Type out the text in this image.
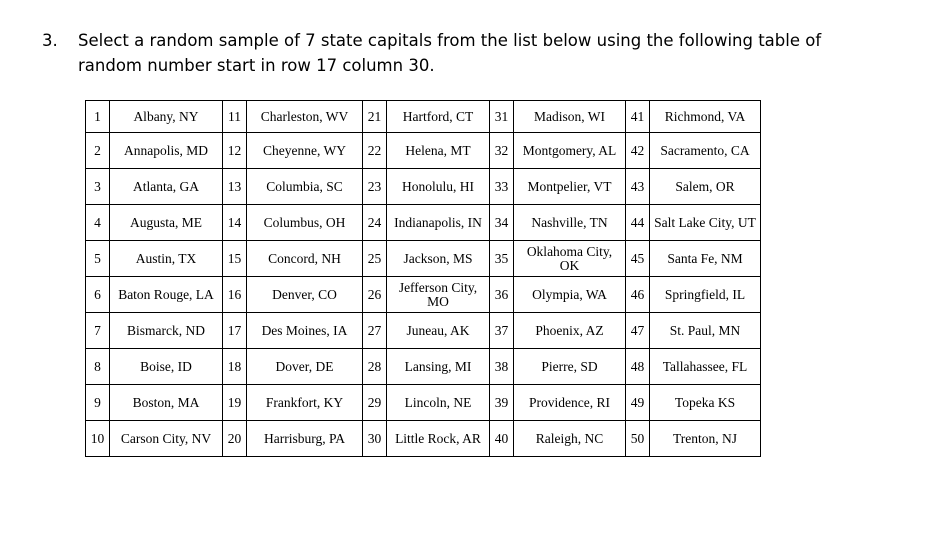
3. Select a random sample of 7 state capitals from the list below using the following table of random number start in row 17 column 30.
1	Albany, NY	11	Charleston, WV	21	Hartford, CT	31	Madison, WI	41	Richmond, VA
2	Annapolis, MD	12	Cheyenne, WY	22	Helena, MT	32	Montgomery, AL	42	Sacramento, CA
3	Atlanta, GA	13	Columbia, SC	23	Honolulu, HI	33	Montpelier, VT	43	Salem, OR
4	Augusta, ME	14	Columbus, OH	24	Indianapolis, IN	34	Nashville, TN	44	Salt Lake City, UT
5	Austin, TX	15	Concord, NH	25	Jackson, MS	35	Oklahoma City, OK	45	Santa Fe, NM
6	Baton Rouge, LA	16	Denver, CO	26	Jefferson City, MO	36	Olympia, WA	46	Springfield, IL
7	Bismarck, ND	17	Des Moines, IA	27	Juneau, AK	37	Phoenix, AZ	47	St. Paul, MN
8	Boise, ID	18	Dover, DE	28	Lansing, MI	38	Pierre, SD	48	Tallahassee, FL
9	Boston, MA	19	Frankfort, KY	29	Lincoln, NE	39	Providence, RI	49	Topeka KS
10	Carson City, NV	20	Harrisburg, PA	30	Little Rock, AR	40	Raleigh, NC	50	Trenton, NJ
